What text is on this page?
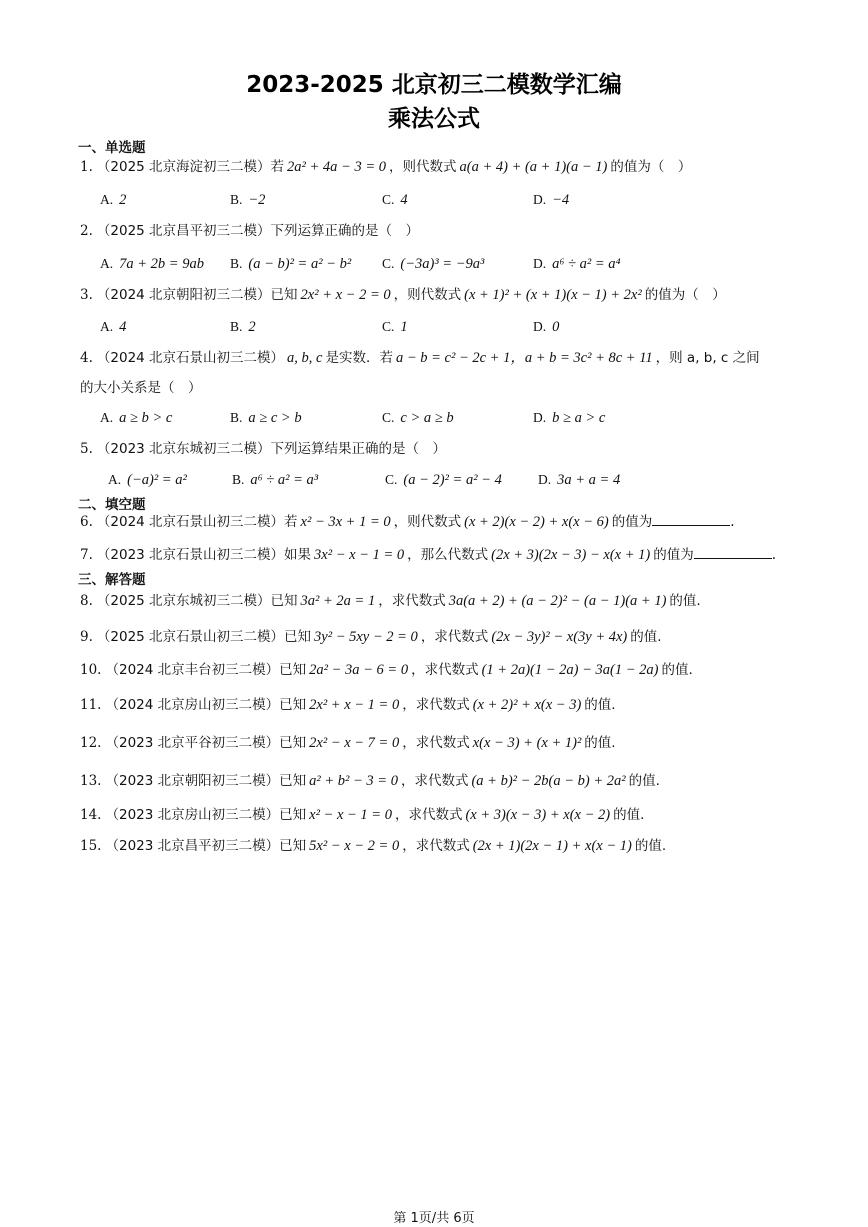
2023-2025 北京初三二模数学汇编
乘法公式
一、单选题
1. （2025 北京海淀初三二模）若 2a² + 4a − 3 = 0 ，则代数式 a(a + 4) + (a + 1)(a − 1) 的值为（　）
A. 2	B. −2	C. 4	D. −4
2. （2025 北京昌平初三二模）下列运算正确的是（　）
A. 7a + 2b = 9ab B. (a − b)² = a² − b² C. (−3a)³ = −9a³	D. a⁶ ÷ a² = a⁴
3. （2024 北京朝阳初三二模）已知 2x² + x − 2 = 0 ，则代数式 (x + 1)² + (x + 1)(x − 1) + 2x² 的值为（　）
A. 4	B. 2	C. 1	D. 0
4. （2024 北京石景山初三二模） a, b, c 是实数．若 a − b = c² − 2c + 1，a + b = 3c² + 8c + 11 ，则 a, b, c 之间
的大小关系是（　）
A. a ≥ b > c	B. a ≥ c > b	C. c > a ≥ b	D. b ≥ a > c
5. （2023 北京东城初三二模）下列运算结果正确的是（　）
A. (−a)² = a²	B. a⁶ ÷ a² = a³	C. (a − 2)² = a² − 4	D. 3a + a = 4
二、填空题
6. （2024 北京石景山初三二模）若 x² − 3x + 1 = 0 ，则代数式 (x + 2)(x − 2) + x(x − 6) 的值为	.
7. （2023 北京石景山初三二模）如果 3x² − x − 1 = 0 ，那么代数式 (2x + 3)(2x − 3) − x(x + 1) 的值为	.
三、解答题
8. （2025 北京东城初三二模）已知 3a² + 2a = 1 ，求代数式 3a(a + 2) + (a − 2)² − (a − 1)(a + 1) 的值.
9. （2025 北京石景山初三二模）已知 3y² − 5xy − 2 = 0 ，求代数式 (2x − 3y)² − x(3y + 4x) 的值.
10. （2024 北京丰台初三二模）已知 2a² − 3a − 6 = 0 ，求代数式 (1 + 2a)(1 − 2a) − 3a(1 − 2a) 的值.
11. （2024 北京房山初三二模）已知 2x² + x − 1 = 0 ，求代数式 (x + 2)² + x(x − 3) 的值.
12. （2023 北京平谷初三二模）已知 2x² − x − 7 = 0 ，求代数式 x(x − 3) + (x + 1)² 的值.
13. （2023 北京朝阳初三二模）已知 a² + b² − 3 = 0 ，求代数式 (a + b)² − 2b(a − b) + 2a² 的值.
14. （2023 北京房山初三二模）已知 x² − x − 1 = 0 ，求代数式 (x + 3)(x − 3) + x(x − 2) 的值.
15. （2023 北京昌平初三二模）已知 5x² − x − 2 = 0 ，求代数式 (2x + 1)(2x − 1) + x(x − 1) 的值.
第 1页/共 6页
